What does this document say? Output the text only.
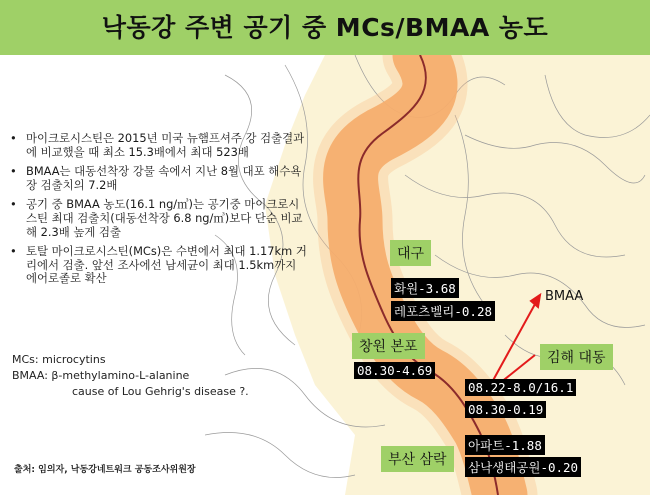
낙동강 주변 공기 중 MCs/BMAA 농도
• 마이크로시스틴은 2015년 미국 뉴햄프셔주 강 검출결과에 비교했을 때 최소 15.3배에서 최대 523배
• BMAA는 대동선착장 강물 속에서 지난 8월 대포 해수욕장 검출치의 7.2배
• 공기 중 BMAA 농도(16.1 ng/㎥)는 공기중 마이크로시스틴 최대 검출치(대동선착장 6.8 ng/㎥)보다 단순 비교해 2.3배 높게 검출
• 토탈 마이크로시스틴(MCs)은 수변에서 최대 1.17km 거리에서 검출. 앞선 조사에선 남세균이 최대 1.5km까지 에어로졸로 확산
MCs: microcytins
BMAA: β-methylamino-L-alanine
cause of Lou Gehrig's disease ?.
출처: 임의자, 낙동강네트워크 공동조사위원장
대구
화원-3.68
레포츠벨리-0.28
BMAA
창원 본포
08.30-4.69
김해 대동
08.22-8.0/16.1
08.30-0.19
부산 삼락
아파트-1.88
삼낙생태공원-0.20
